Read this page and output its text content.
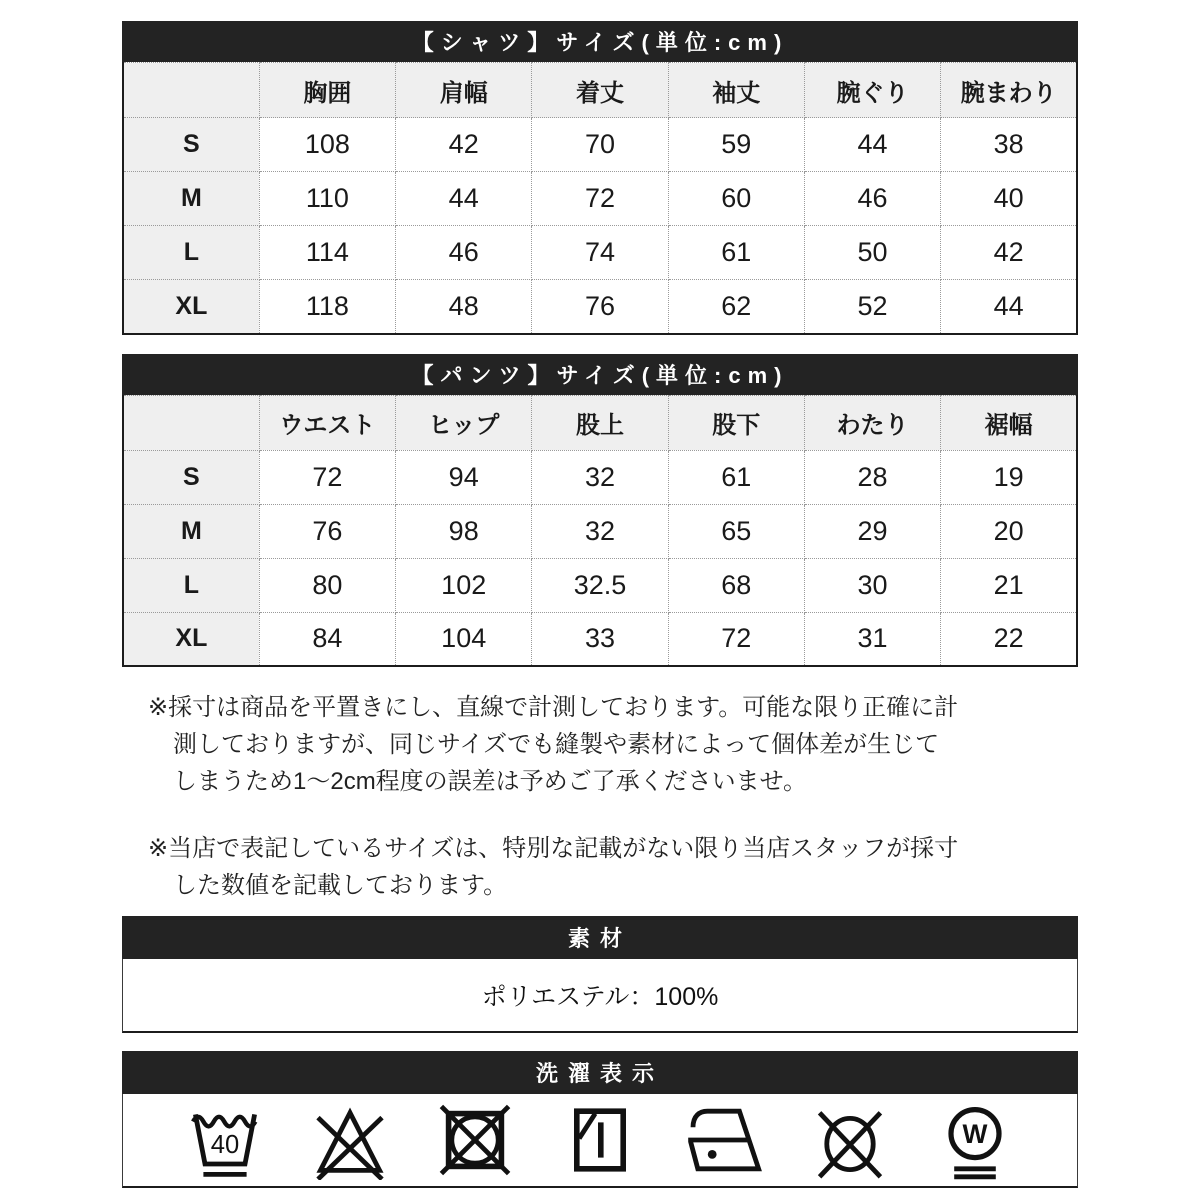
【シャツ】サイズ(単位:cm)
	胸囲	肩幅	着丈	袖丈	腕ぐり	腕まわり
S	108	42	70	59	44	38
M	110	44	72	60	46	40
L	114	46	74	61	50	42
XL	118	48	76	62	52	44
【パンツ】サイズ(単位:cm)
	ウエスト	ヒップ	股上	股下	わたり	裾幅
S	72	94	32	61	28	19
M	76	98	32	65	29	20
L	80	102	32.5	68	30	21
XL	84	104	33	72	31	22

※採寸は商品を平置きにし、直線で計測しております。可能な限り正確に計測しておりますが、同じサイズでも縫製や素材によって個体差が生じてしまうため1〜2cm程度の誤差は予めご了承くださいませ。

※当店で表記しているサイズは、特別な記載がない限り当店スタッフが採寸した数値を記載しております。

素材
ポリエステル：100%
洗濯表示
40	W
